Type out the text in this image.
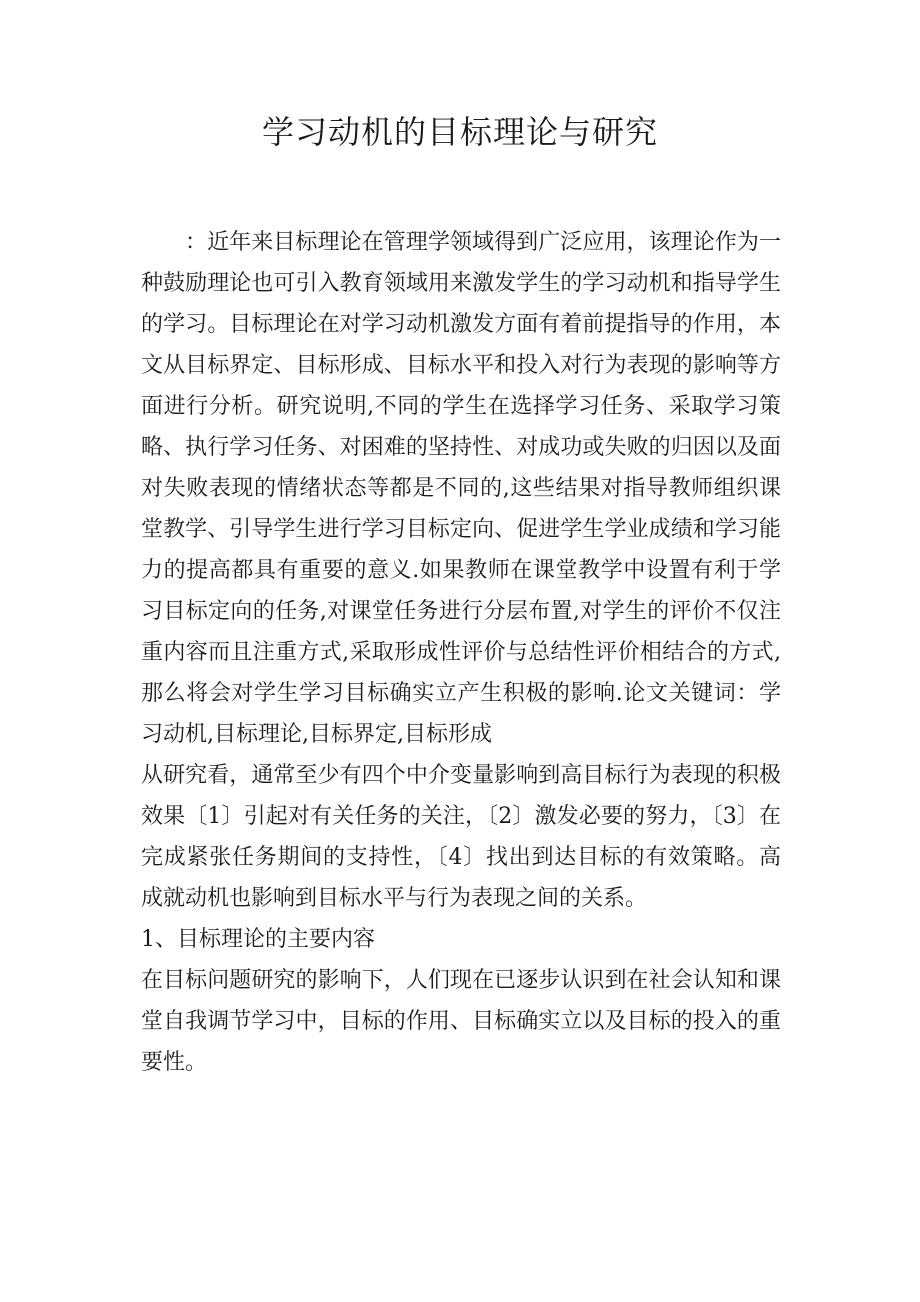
学习动机的目标理论与研究

：近年来目标理论在管理学领域得到广泛应用，该理论作为一种鼓励理论也可引入教育领域用来激发学生的学习动机和指导学生的学习。目标理论在对学习动机激发方面有着前提指导的作用，本文从目标界定、目标形成、目标水平和投入对行为表现的影响等方面进行分析。研究说明,不同的学生在选择学习任务、采取学习策略、执行学习任务、对困难的坚持性、对成功或失败的归因以及面对失败表现的情绪状态等都是不同的,这些结果对指导教师组织课堂教学、引导学生进行学习目标定向、促进学生学业成绩和学习能力的提高都具有重要的意义.如果教师在课堂教学中设置有利于学习目标定向的任务,对课堂任务进行分层布置,对学生的评价不仅注重内容而且注重方式,采取形成性评价与总结性评价相结合的方式,那么将会对学生学习目标确实立产生积极的影响.论文关键词：学习动机,目标理论,目标界定,目标形成

从研究看，通常至少有四个中介变量影响到高目标行为表现的积极效果〔1〕引起对有关任务的关注，〔2〕激发必要的努力，〔3〕在完成紧张任务期间的支持性，〔4〕找出到达目标的有效策略。高成就动机也影响到目标水平与行为表现之间的关系。

1、目标理论的主要内容

在目标问题研究的影响下，人们现在已逐步认识到在社会认知和课堂自我调节学习中，目标的作用、目标确实立以及目标的投入的重要性。
